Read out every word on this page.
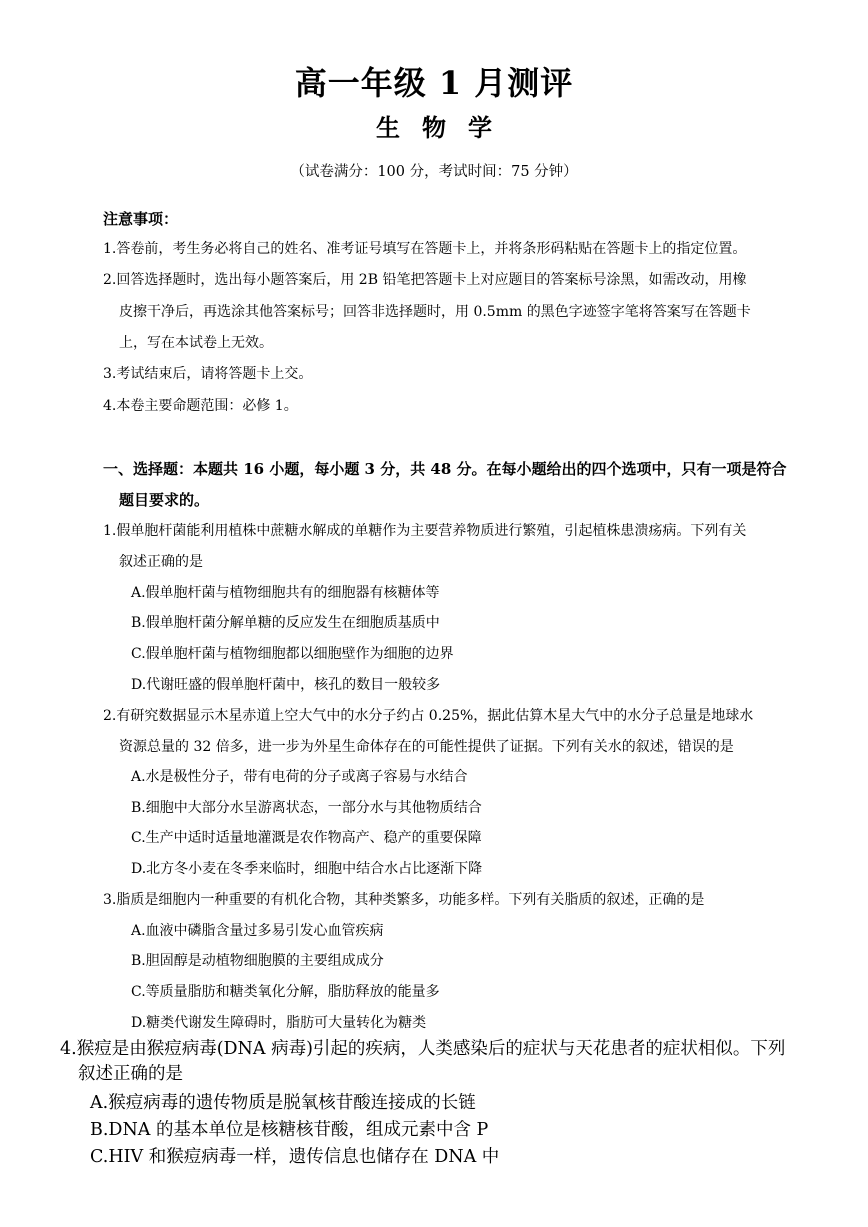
高一年级 1 月测评
生物学
（试卷满分：100 分，考试时间：75 分钟）
注意事项：
1.答卷前，考生务必将自己的姓名、准考证号填写在答题卡上，并将条形码粘贴在答题卡上的指定位置。
2.回答选择题时，选出每小题答案后，用 2B 铅笔把答题卡上对应题目的答案标号涂黑，如需改动，用橡
皮擦干净后，再选涂其他答案标号；回答非选择题时，用 0.5mm 的黑色字迹签字笔将答案写在答题卡
上，写在本试卷上无效。
3.考试结束后，请将答题卡上交。
4.本卷主要命题范围：必修 1。
一、选择题：本题共 16 小题，每小题 3 分，共 48 分。在每小题给出的四个选项中，只有一项是符合
题目要求的。
1.假单胞杆菌能利用植株中蔗糖水解成的单糖作为主要营养物质进行繁殖，引起植株患溃疡病。下列有关
叙述正确的是
A.假单胞杆菌与植物细胞共有的细胞器有核糖体等
B.假单胞杆菌分解单糖的反应发生在细胞质基质中
C.假单胞杆菌与植物细胞都以细胞壁作为细胞的边界
D.代谢旺盛的假单胞杆菌中，核孔的数目一般较多
2.有研究数据显示木星赤道上空大气中的水分子约占 0.25%，据此估算木星大气中的水分子总量是地球水
资源总量的 32 倍多，进一步为外星生命体存在的可能性提供了证据。下列有关水的叙述，错误的是
A.水是极性分子，带有电荷的分子或离子容易与水结合
B.细胞中大部分水呈游离状态，一部分水与其他物质结合
C.生产中适时适量地灌溉是农作物高产、稳产的重要保障
D.北方冬小麦在冬季来临时，细胞中结合水占比逐渐下降
3.脂质是细胞内一种重要的有机化合物，其种类繁多，功能多样。下列有关脂质的叙述，正确的是
A.血液中磷脂含量过多易引发心血管疾病
B.胆固醇是动植物细胞膜的主要组成成分
C.等质量脂肪和糖类氧化分解，脂肪释放的能量多
D.糖类代谢发生障碍时，脂肪可大量转化为糖类
4.猴痘是由猴痘病毒(DNA 病毒)引起的疾病，人类感染后的症状与天花患者的症状相似。下列
叙述正确的是
A.猴痘病毒的遗传物质是脱氧核苷酸连接成的长链
B.DNA 的基本单位是核糖核苷酸，组成元素中含 P
C.HIV 和猴痘病毒一样，遗传信息也储存在 DNA 中
